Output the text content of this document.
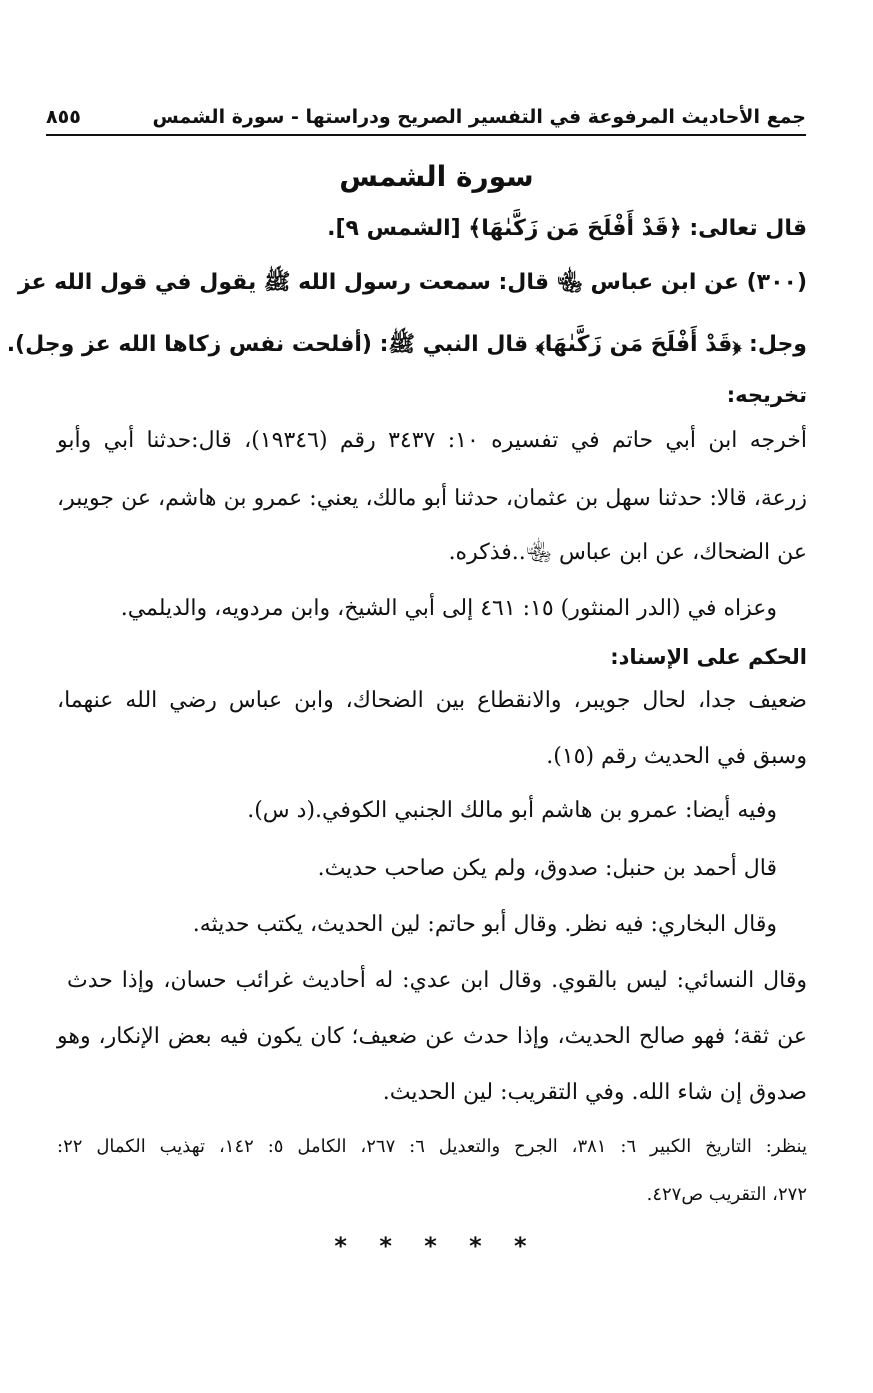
جمع الأحاديث المرفوعة في التفسير الصريح ودراستها - سورة الشمس
٨٥٥
سورة الشمس
قال تعالى: ﴿قَدْ أَفْلَحَ مَن زَكَّىٰهَا﴾ [الشمس ٩].
(٣٠٠) عن ابن عباس ﵄ قال: سمعت رسول الله ﷺ يقول في قول الله عز
وجل: ﴿قَدْ أَفْلَحَ مَن زَكَّىٰهَا﴾ قال النبي ﷺ: (أفلحت نفس زكاها الله عز وجل).
تخريجه:
أخرجه ابن أبي حاتم في تفسيره ١٠: ٣٤٣٧ رقم (١٩٣٤٦)، قال:حدثنا أبي وأبو
زرعة، قالا: حدثنا سهل بن عثمان، حدثنا أبو مالك، يعني: عمرو بن هاشم، عن جويبر،
عن الضحاك، عن ابن عباس ﵄..فذكره.
وعزاه في (الدر المنثور) ١٥: ٤٦١ إلى أبي الشيخ، وابن مردويه، والديلمي.
الحكم على الإسناد:
ضعيف جدا، لحال جويبر، والانقطاع بين الضحاك، وابن عباس رضي الله عنهما،
وسبق في الحديث رقم (١٥).
وفيه أيضا: عمرو بن هاشم أبو مالك الجنبي الكوفي.(د س).
قال أحمد بن حنبل: صدوق، ولم يكن صاحب حديث.
وقال البخاري: فيه نظر. وقال أبو حاتم: لين الحديث، يكتب حديثه.
وقال النسائي: ليس بالقوي. وقال ابن عدي: له أحاديث غرائب حسان، وإذا حدث
عن ثقة؛ فهو صالح الحديث، وإذا حدث عن ضعيف؛ كان يكون فيه بعض الإنكار، وهو
صدوق إن شاء الله. وفي التقريب: لين الحديث.
ينظر: التاريخ الكبير ٦: ٣٨١، الجرح والتعديل ٦: ٢٦٧، الكامل ٥: ١٤٢، تهذيب الكمال ٢٢:
٢٧٢، التقريب ص٤٢٧.
* * * * *
